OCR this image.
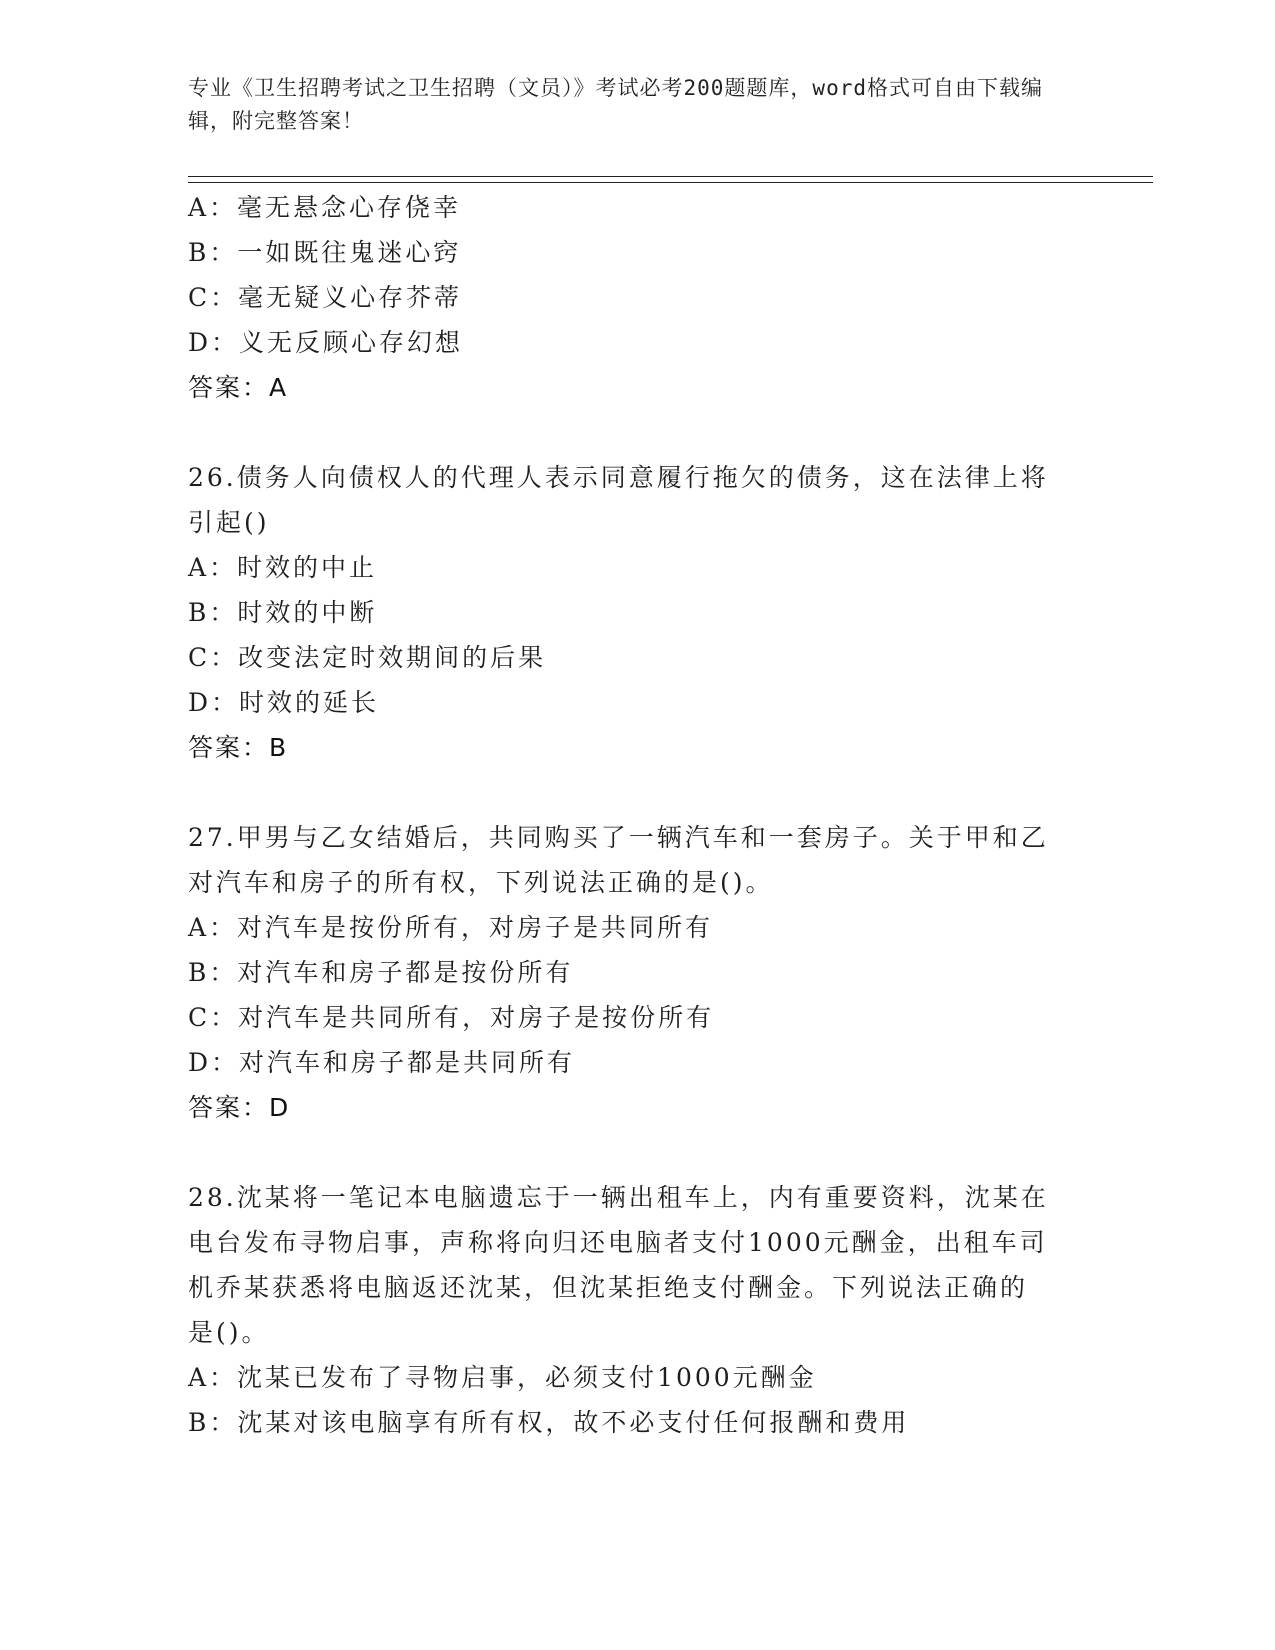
专业《卫生招聘考试之卫生招聘（文员）》考试必考200题题库，word格式可自由下载编辑，附完整答案！
A：毫无悬念心存侥幸
B：一如既往鬼迷心窍
C：毫无疑义心存芥蒂
D：义无反顾心存幻想
答案：A
26.债务人向债权人的代理人表示同意履行拖欠的债务，这在法律上将
引起()
A：时效的中止
B：时效的中断
C：改变法定时效期间的后果
D：时效的延长
答案：B
27.甲男与乙女结婚后，共同购买了一辆汽车和一套房子。关于甲和乙
对汽车和房子的所有权，下列说法正确的是()。
A：对汽车是按份所有，对房子是共同所有
B：对汽车和房子都是按份所有
C：对汽车是共同所有，对房子是按份所有
D：对汽车和房子都是共同所有
答案：D
28.沈某将一笔记本电脑遗忘于一辆出租车上，内有重要资料，沈某在
电台发布寻物启事，声称将向归还电脑者支付1000元酬金，出租车司
机乔某获悉将电脑返还沈某，但沈某拒绝支付酬金。下列说法正确的
是()。
A：沈某已发布了寻物启事，必须支付1000元酬金
B：沈某对该电脑享有所有权，故不必支付任何报酬和费用
